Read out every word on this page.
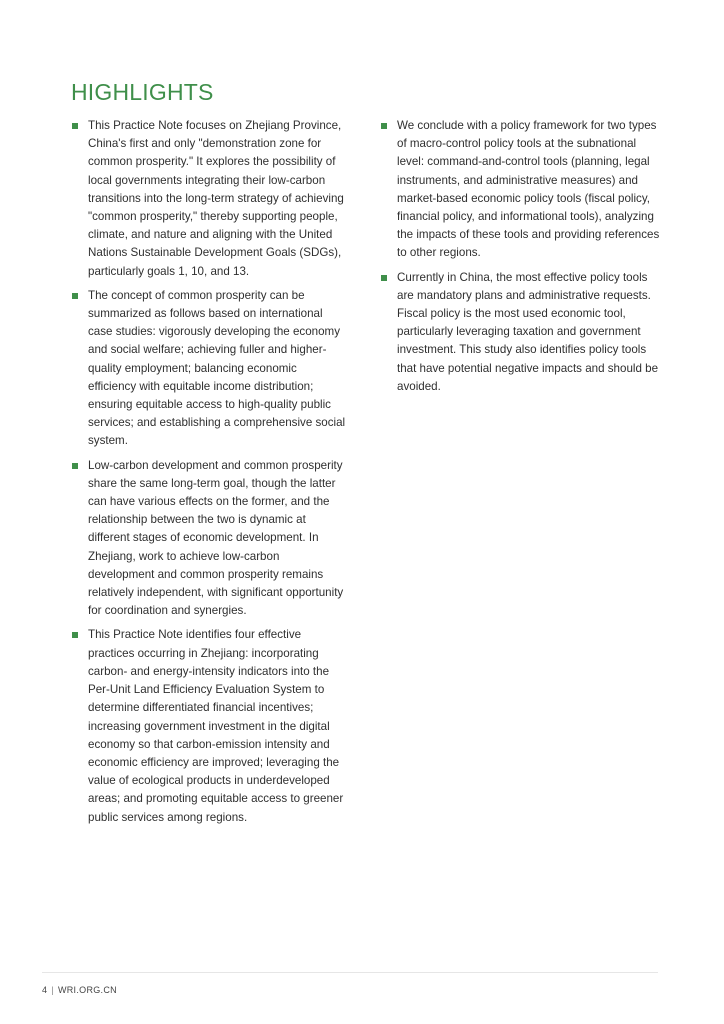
HIGHLIGHTS
This Practice Note focuses on Zhejiang Province, China's first and only "demonstration zone for common prosperity." It explores the possibility of local governments integrating their low-carbon transitions into the long-term strategy of achieving "common prosperity," thereby supporting people, climate, and nature and aligning with the United Nations Sustainable Development Goals (SDGs), particularly goals 1, 10, and 13.
The concept of common prosperity can be summarized as follows based on international case studies: vigorously developing the economy and social welfare; achieving fuller and higher-quality employment; balancing economic efficiency with equitable income distribution; ensuring equitable access to high-quality public services; and establishing a comprehensive social system.
Low-carbon development and common prosperity share the same long-term goal, though the latter can have various effects on the former, and the relationship between the two is dynamic at different stages of economic development. In Zhejiang, work to achieve low-carbon development and common prosperity remains relatively independent, with significant opportunity for coordination and synergies.
This Practice Note identifies four effective practices occurring in Zhejiang: incorporating carbon- and energy-intensity indicators into the Per-Unit Land Efficiency Evaluation System to determine differentiated financial incentives; increasing government investment in the digital economy so that carbon-emission intensity and economic efficiency are improved; leveraging the value of ecological products in underdeveloped areas; and promoting equitable access to greener public services among regions.
We conclude with a policy framework for two types of macro-control policy tools at the subnational level: command-and-control tools (planning, legal instruments, and administrative measures) and market-based economic policy tools (fiscal policy, financial policy, and informational tools), analyzing the impacts of these tools and providing references to other regions.
Currently in China, the most effective policy tools are mandatory plans and administrative requests. Fiscal policy is the most used economic tool, particularly leveraging taxation and government investment. This study also identifies policy tools that have potential negative impacts and should be avoided.
4 | WRI.ORG.CN
